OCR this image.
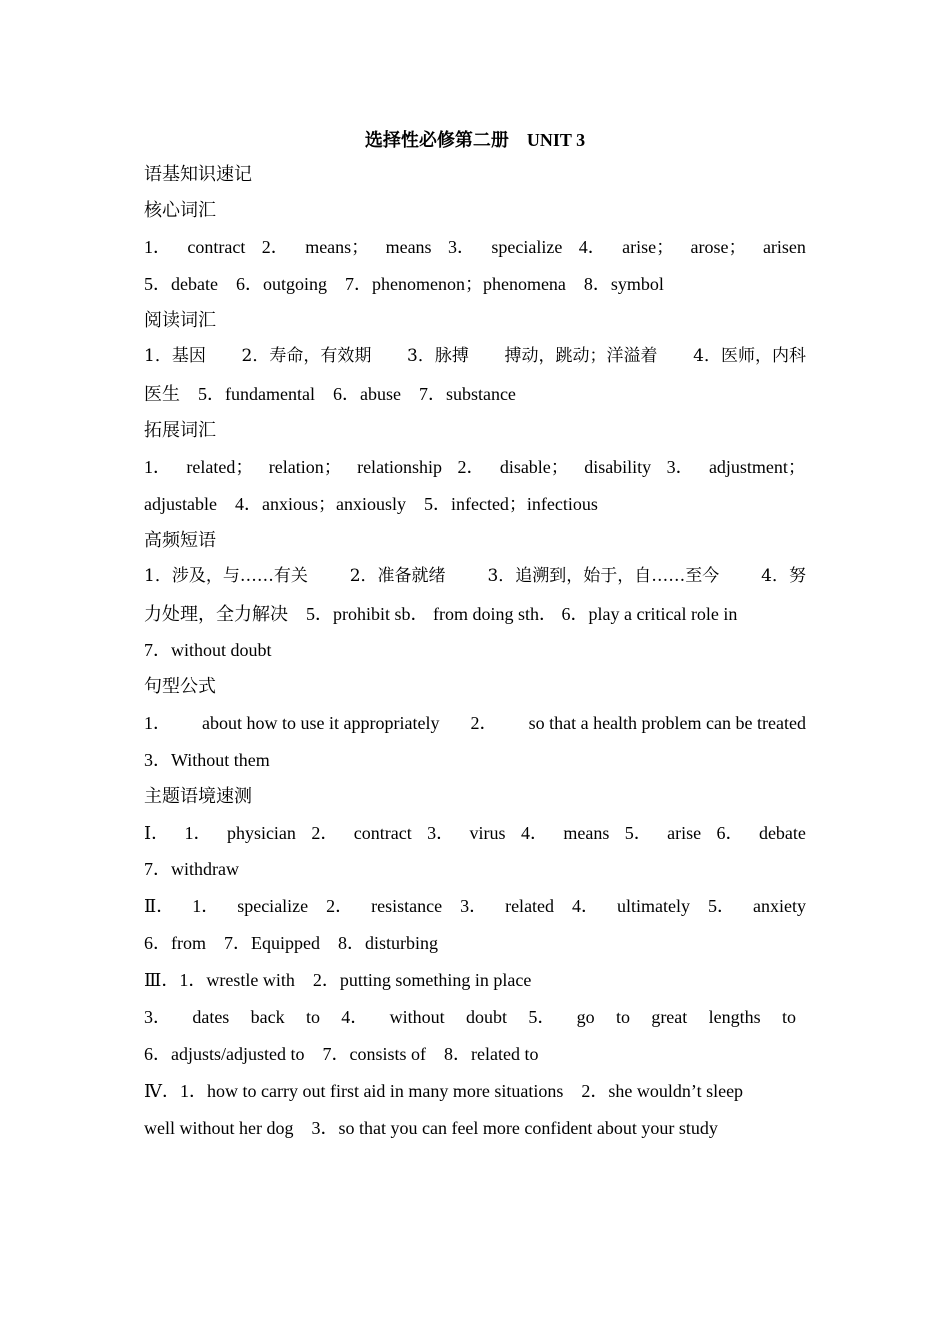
选择性必修第二册 UNIT 3
语基知识速记
核心词汇
1． contract 2． means； means 3． specialize 4． arise； arose； arisen
5．debate　6．outgoing　7．phenomenon；phenomena　8．symbol
阅读词汇
1．基因 2．寿命，有效期 3．脉搏 搏动，跳动；洋溢着 4．医师，内科
医生　5．fundamental　6．abuse　7．substance
拓展词汇
1． related； relation； relationship 2． disable； disability 3． adjustment；
adjustable　4．anxious；anxiously　5．infected；infectious
高频短语
1．涉及，与……有关 2．准备就绪 3．追溯到，始于，自……至今 4．努
力处理，全力解决　5．prohibit sb． from doing sth． 6．play a critical role in
7．without doubt
句型公式
1． about how to use it appropriately 2． so that a health problem can be treated
3．Without them
主题语境速测
Ⅰ． 1． physician 2． contract 3． virus 4． means 5． arise 6． debate
7．withdraw
Ⅱ． 1． specialize 2． resistance 3． related 4． ultimately 5． anxiety
6．from　7．Equipped　8．disturbing
Ⅲ．1．wrestle with　2．putting something in place
3． dates back to 4． without doubt 5． go to great lengths to
6．adjusts/adjusted to　7．consists of　8．related to
Ⅳ．1．how to carry out first aid in many more situations　2．she wouldn’t sleep
well without her dog　3．so that you can feel more confident about your study
